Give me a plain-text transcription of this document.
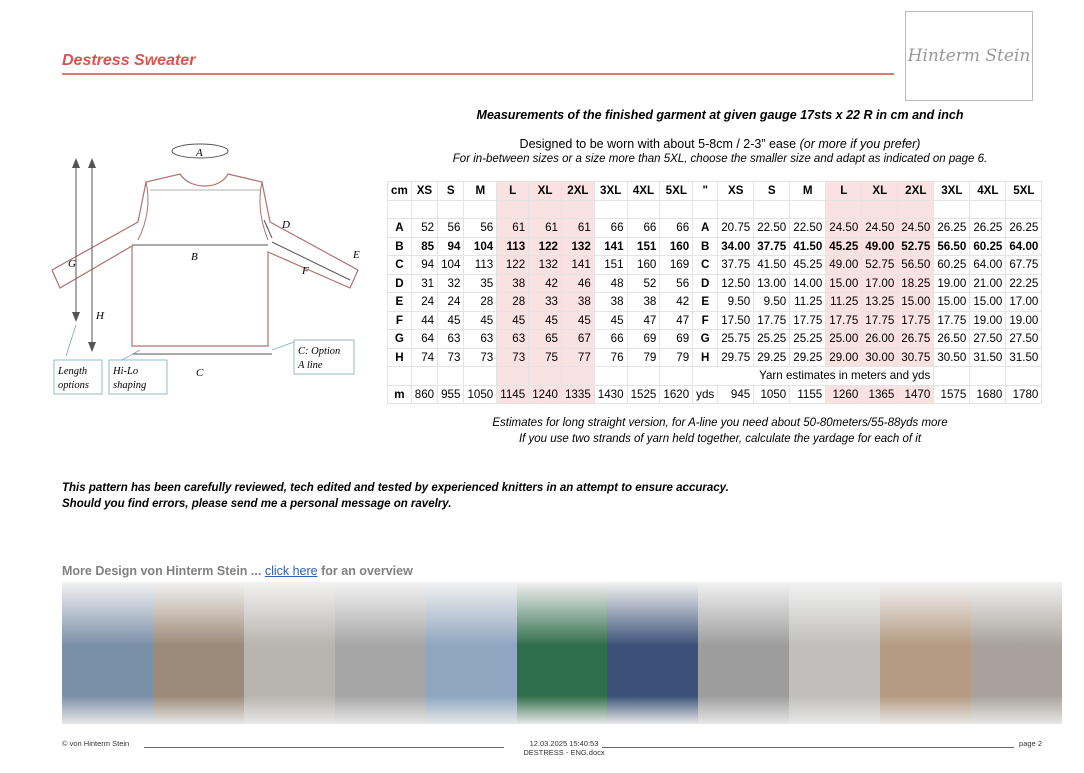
Destress Sweater	Hinterm Stein
Measurements of the finished garment at given gauge 17sts x 22 R in cm and inch
Designed to be worn with about 5-8cm / 2-3” ease (or more if you prefer)
For in-between sizes or a size more than 5XL, choose the smaller size and adapt as indicated on page 6.
A
B
C
D
E
F
G
H
Length
options
Hi-Lo
shaping
C: Option
A line
cm	XS	S	M	L	XL	2XL	3XL	4XL	5XL	"	XS	S	M	L	XL	2XL	3XL	4XL	5XL

A	52	56	56	61	61	61	66	66	66	A	20.75	22.50	22.50	24.50	24.50	24.50	26.25	26.25	26.25
B	85	94	104	113	122	132	141	151	160	B	34.00	37.75	41.50	45.25	49.00	52.75	56.50	60.25	64.00
C	94	104	113	122	132	141	151	160	169	C	37.75	41.50	45.25	49.00	52.75	56.50	60.25	64.00	67.75
D	31	32	35	38	42	46	48	52	56	D	12.50	13.00	14.00	15.00	17.00	18.25	19.00	21.00	22.25
E	24	24	28	28	33	38	38	38	42	E	9.50	9.50	11.25	11.25	13.25	15.00	15.00	15.00	17.00
F	44	45	45	45	45	45	45	47	47	F	17.50	17.75	17.75	17.75	17.75	17.75	17.75	19.00	19.00
G	64	63	63	63	65	67	66	69	69	G	25.75	25.25	25.25	25.00	26.00	26.75	26.50	27.50	27.50
H	74	73	73	73	75	77	76	79	79	H	29.75	29.25	29.25	29.00	30.00	30.75	30.50	31.50	31.50
										Yarn estimates in meters and yds									
m	860	955	1050	1145	1240	1335	1430	1525	1620	yds	945	1050	1155	1260	1365	1470	1575	1680	1780
Estimates for long straight version, for A-line you need about 50-80meters/55-88yds more
If you use two strands of yarn held together, calculate the yardage for each of it
This pattern has been carefully reviewed, tech edited and tested by experienced knitters in an attempt to ensure accuracy.
Should you find errors, please send me a personal message on ravelry.
More Design von Hinterm Stein ... click here for an overview
© von Hinterm Stein	12.03.2025 15:40:53
DESTRESS - ENG.docx
page 2
